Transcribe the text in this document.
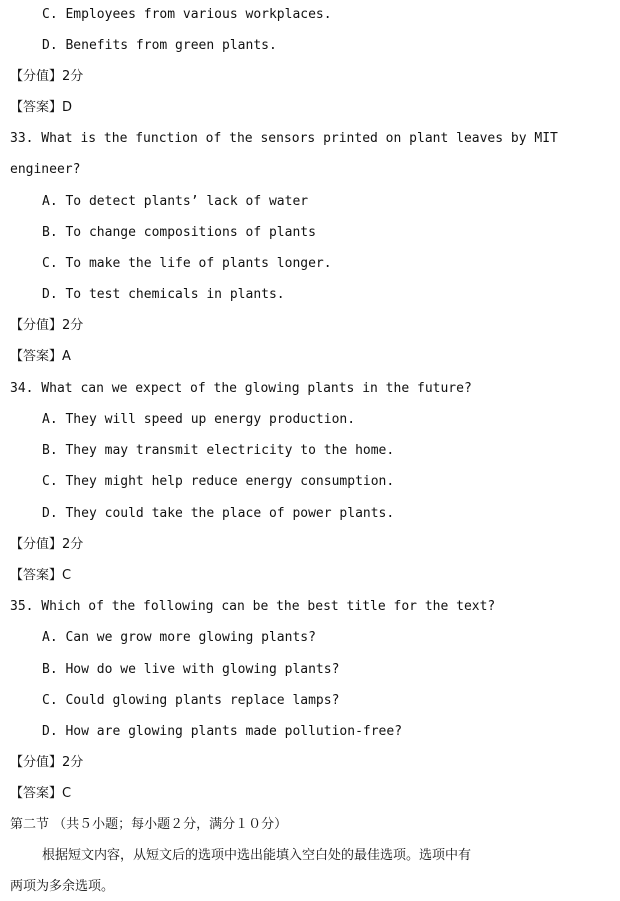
C. Employees from various workplaces.
D. Benefits from green plants.
【分值】2分
【答案】D
33. What is the function of the sensors printed on plant leaves by MIT
engineer?
A. To detect plants’ lack of water
B. To change compositions of plants
C. To make the life of plants longer.
D. To test chemicals in plants.
【分值】2分
【答案】A
34. What can we expect of the glowing plants in the future?
A. They will speed up energy production.
B. They may transmit electricity to the home.
C. They might help reduce energy consumption.
D. They could take the place of power plants.
【分值】2分
【答案】C
35. Which of the following can be the best title for the text?
A. Can we grow more glowing plants?
B. How do we live with glowing plants?
C. Could glowing plants replace lamps?
D. How are glowing plants made pollution-free?
【分值】2分
【答案】C
第二节 （共５小题；每小题２分，满分１０分）
根据短文内容，从短文后的选项中选出能填入空白处的最佳选项。选项中有
两项为多余选项。
